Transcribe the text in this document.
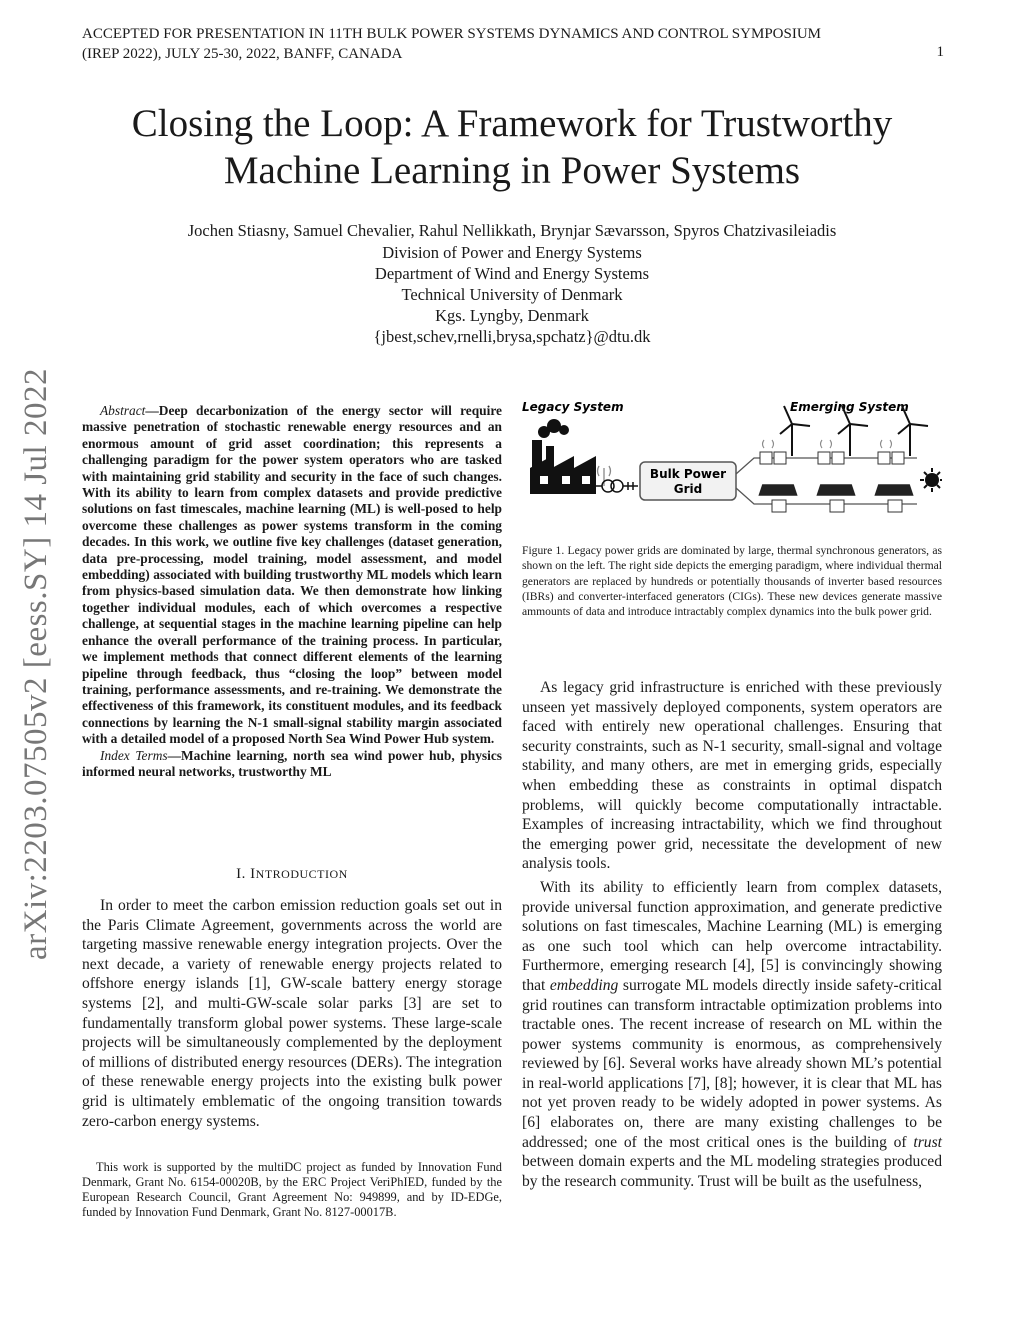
ACCEPTED FOR PRESENTATION IN 11TH BULK POWER SYSTEMS DYNAMICS AND CONTROL SYMPOSIUM
(IREP 2022), JULY 25-30, 2022, BANFF, CANADA	1
Closing the Loop: A Framework for Trustworthy
Machine Learning in Power Systems
Jochen Stiasny, Samuel Chevalier, Rahul Nellikkath, Brynjar Sævarsson, Spyros Chatzivasileiadis
Division of Power and Energy Systems
Department of Wind and Energy Systems
Technical University of Denmark
Kgs. Lyngby, Denmark
{jbest,schev,rnelli,brysa,spchatz}@dtu.dk
arXiv:2203.07505v2 [eess.SY] 14 Jul 2022	Abstract—Deep decarbonization of the energy sector will require massive penetration of stochastic renewable energy resources and an enormous amount of grid asset coordination; this represents a challenging paradigm for the power system operators who are tasked with maintaining grid stability and security in the face of such changes. With its ability to learn from complex datasets and provide predictive solutions on fast timescales, machine learning (ML) is well-posed to help overcome these challenges as power systems transform in the coming decades. In this work, we outline five key challenges (dataset generation, data pre-processing, model training, model assessment, and model embedding) associated with building trustworthy ML models which learn from physics-based simulation data. We then demonstrate how linking together individual modules, each of which overcomes a respective challenge, at sequential stages in the machine learning pipeline can help enhance the overall performance of the training process. In particular, we implement methods that connect different elements of the learning pipeline through feedback, thus “closing the loop” between model training, performance assessments, and re-training. We demonstrate the effectiveness of this framework, its constituent modules, and its feedback connections by learning the N-1 small-signal stability margin associated with a detailed model of a proposed North Sea Wind Power Hub system.

Index Terms—Machine learning, north sea wind power hub, physics informed neural networks, trustworthy ML

I. INTRODUCTION

In order to meet the carbon emission reduction goals set out in the Paris Climate Agreement, governments across the world are targeting massive renewable energy integration projects. Over the next decade, a variety of renewable energy projects related to offshore energy islands [1], GW-scale battery energy storage systems [2], and multi-GW-scale solar parks [3] are set to fundamentally transform global power systems. These large-scale projects will be simultaneously complemented by the deployment of millions of distributed energy resources (DERs). The integration of these renewable energy projects into the existing bulk power grid is ultimately emblematic of the ongoing transition towards zero-carbon energy systems.

This work is supported by the multiDC project as funded by Innovation Fund Denmark, Grant No. 6154-00020B, by the ERC Project VeriPhIED, funded by the European Research Council, Grant Agreement No: 949899, and by ID-EDGe, funded by Innovation Fund Denmark, Grant No. 8127-00017B.

Legacy System	Emerging System
Bulk Power
Grid
Figure 1. Legacy power grids are dominated by large, thermal synchronous generators, as shown on the left. The right side depicts the emerging paradigm, where individual thermal generators are replaced by hundreds or potentially thousands of inverter based resources (IBRs) and converter-interfaced generators (CIGs). These new devices generate massive ammounts of data and introduce intractably complex dynamics into the bulk power grid.

As legacy grid infrastructure is enriched with these previously unseen yet massively deployed components, system operators are faced with entirely new operational challenges. Ensuring that security constraints, such as N-1 security, small-signal and voltage stability, and many others, are met in emerging grids, especially when embedding these as constraints in optimal dispatch problems, will quickly become computationally intractable. Examples of increasing intractability, which we find throughout the emerging power grid, necessitate the development of new analysis tools.

With its ability to efficiently learn from complex datasets, provide universal function approximation, and generate predictive solutions on fast timescales, Machine Learning (ML) is emerging as one such tool which can help overcome intractability. Furthermore, emerging research [4], [5] is convincingly showing that embedding surrogate ML models directly inside safety-critical grid routines can transform intractable optimization problems into tractable ones. The recent increase of research on ML within the power systems community is enormous, as comprehensively reviewed by [6]. Several works have already shown ML’s potential in real-world applications [7], [8]; however, it is clear that ML has not yet proven ready to be widely adopted in power systems. As [6] elaborates on, there are many existing challenges to be addressed; one of the most critical ones is the building of trust between domain experts and the ML modeling strategies produced by the research community. Trust will be built as the usefulness,
